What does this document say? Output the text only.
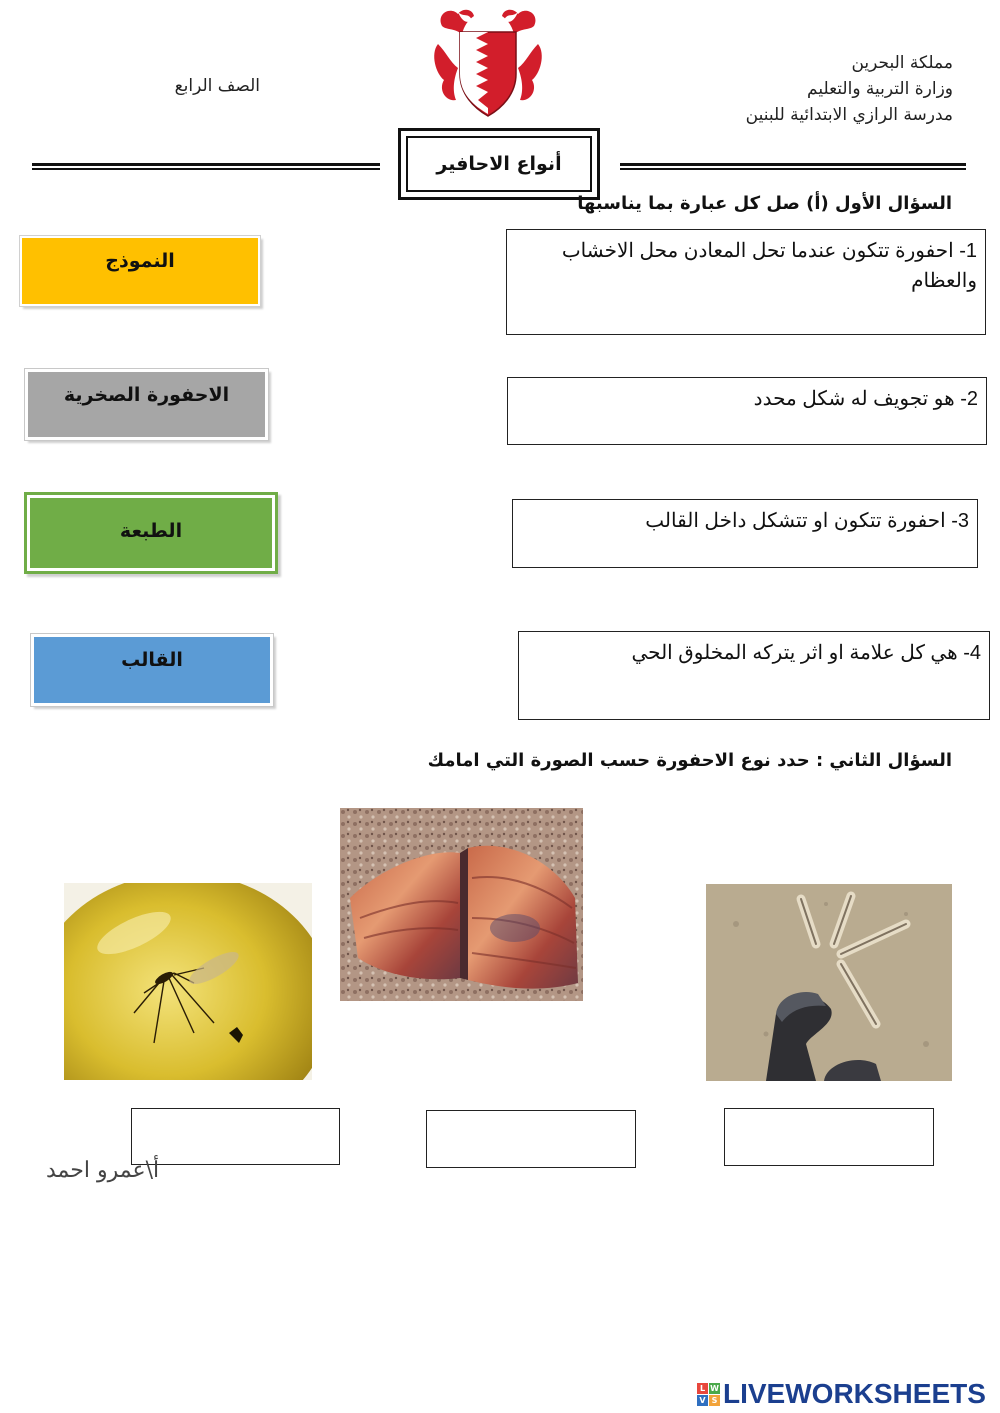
مملكة البحرين
وزارة التربية والتعليم
مدرسة الرازي الابتدائية للبنين
الصف الرابع
أنواع الاحافير
السؤال الأول (أ) صل كل عبارة بما يناسبها
1- احفورة تتكون عندما تحل المعادن محل الاخشاب والعظام
2- هو تجويف له شكل محدد
3- احفورة تتكون او تتشكل داخل القالب
4- هي كل علامة او اثر يتركه المخلوق الحي
النموذج
الاحفورة الصخرية
الطبعة
القالب
السؤال الثاني : حدد نوع الاحفورة حسب الصورة التي امامك
أ\عمرو احمد
L W
V S LIVEWORKSHEETS
